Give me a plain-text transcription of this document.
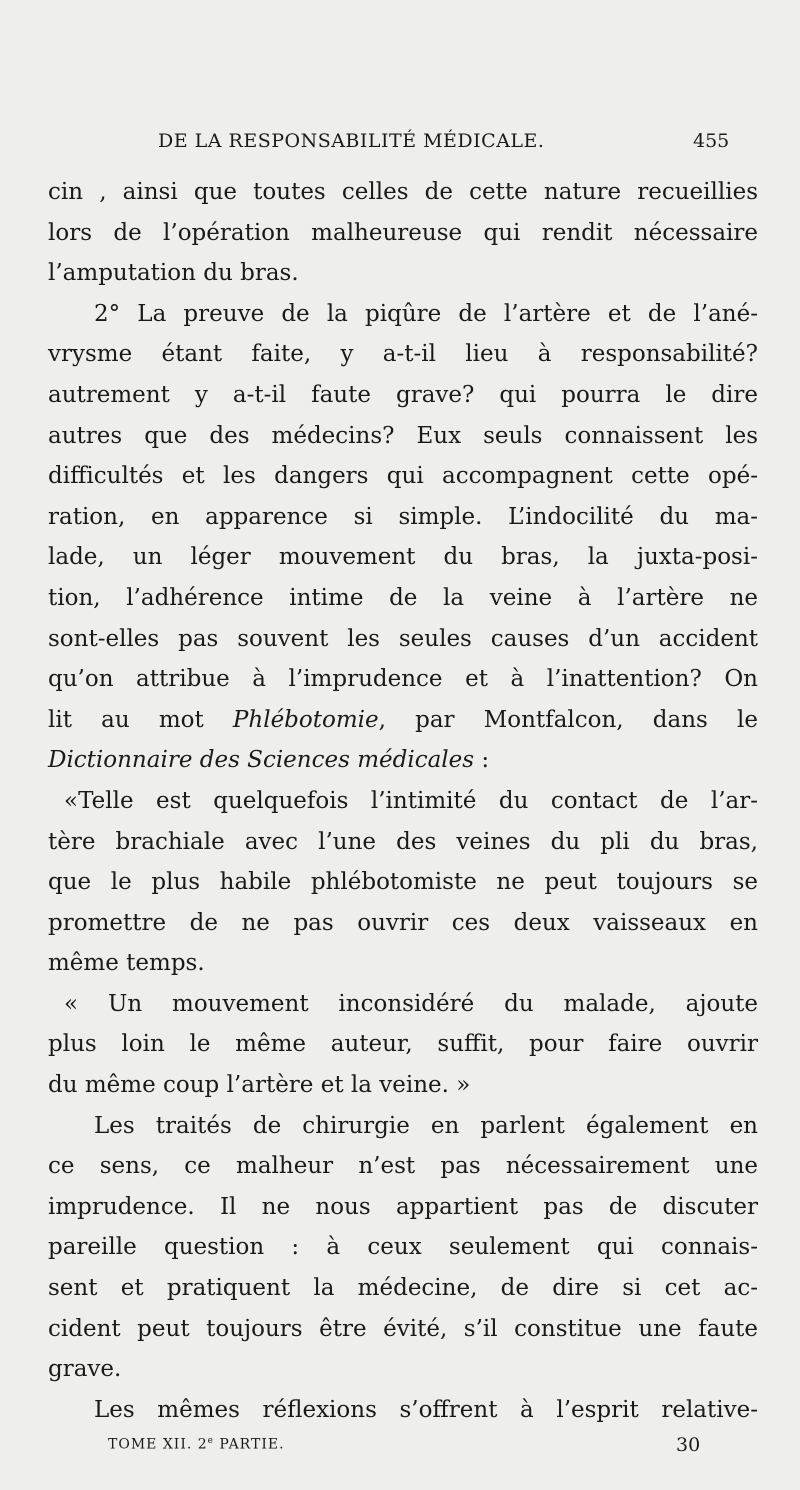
DE LA RESPONSABILITÉ MÉDICALE.	455
cin , ainsi que toutes celles de cette nature recueillies
lors de l’opération malheureuse qui rendit nécessaire
l’amputation du bras.
2° La preuve de la piqûre de l’artère et de l’ané-
vrysme étant faite, y a-t-il lieu à responsabilité?
autrement y a-t-il faute grave? qui pourra le dire
autres que des médecins? Eux seuls connaissent les
difficultés et les dangers qui accompagnent cette opé-
ration, en apparence si simple. L’indocilité du ma-
lade, un léger mouvement du bras, la juxta-posi-
tion, l’adhérence intime de la veine à l’artère ne
sont-elles pas souvent les seules causes d’un accident
qu’on attribue à l’imprudence et à l’inattention? On
lit au mot Phlébotomie, par Montfalcon, dans le
Dictionnaire des Sciences médicales :
«Telle est quelquefois l’intimité du contact de l’ar-
tère brachiale avec l’une des veines du pli du bras,
que le plus habile phlébotomiste ne peut toujours se
promettre de ne pas ouvrir ces deux vaisseaux en
même temps.
« Un mouvement inconsidéré du malade, ajoute
plus loin le même auteur, suffit, pour faire ouvrir
du même coup l’artère et la veine. »
Les traités de chirurgie en parlent également en
ce sens, ce malheur n’est pas nécessairement une
imprudence. Il ne nous appartient pas de discuter
pareille question : à ceux seulement qui connais-
sent et pratiquent la médecine, de dire si cet ac-
cident peut toujours être évité, s’il constitue une faute
grave.
Les mêmes réflexions s’offrent à l’esprit relative-
TOME XII. 2e PARTIE.	30
